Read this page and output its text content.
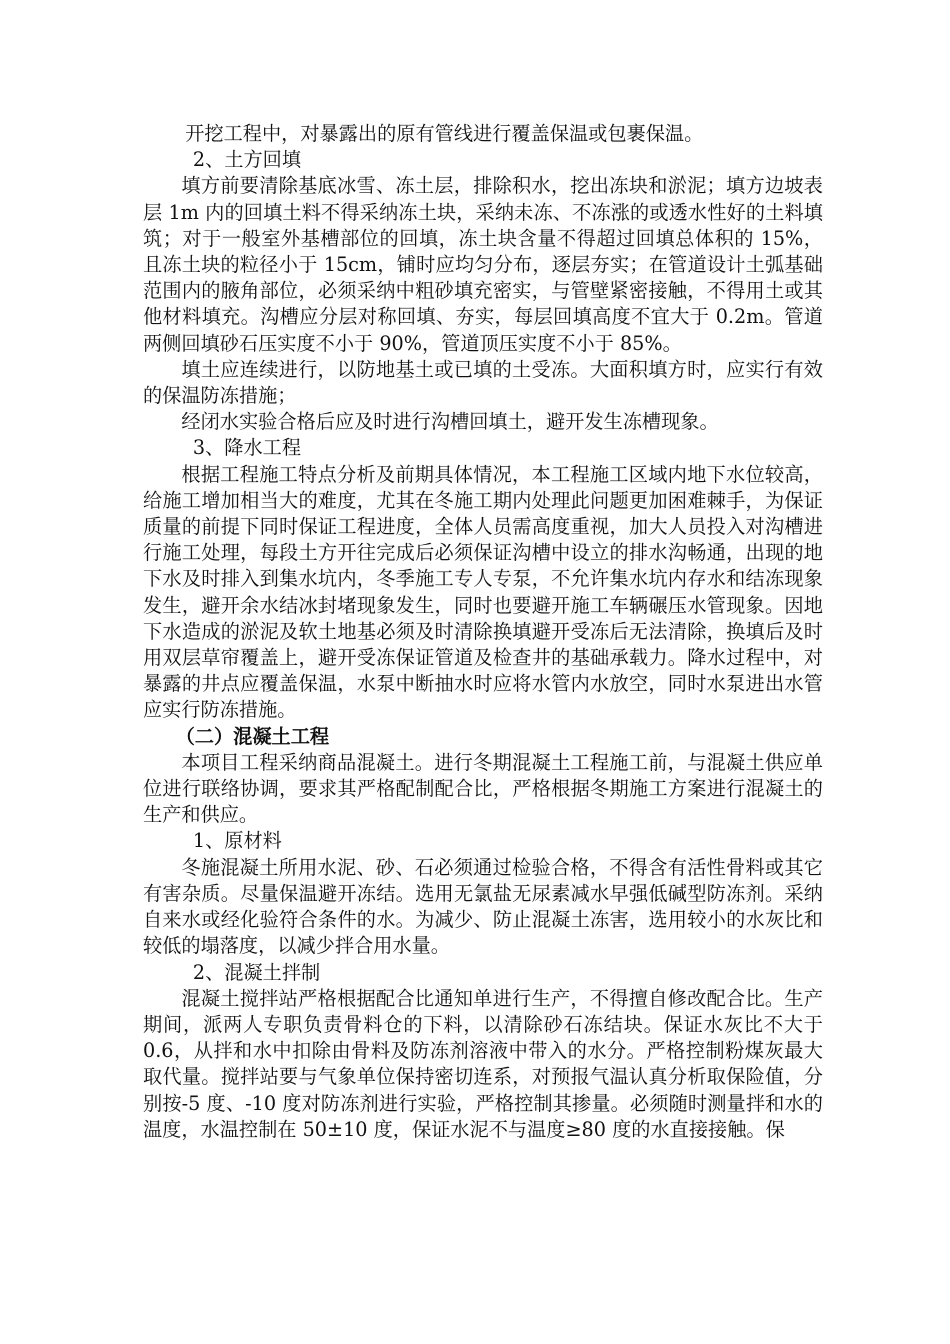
开挖工程中，对暴露出的原有管线进行覆盖保温或包裹保温。

2、土方回填

填方前要清除基底冰雪、冻土层，排除积水，挖出冻块和淤泥；填方边坡表层 1m 内的回填土料不得采纳冻土块，采纳未冻、不冻涨的或透水性好的土料填筑；对于一般室外基槽部位的回填，冻土块含量不得超过回填总体积的 15%，且冻土块的粒径小于 15cm，铺时应均匀分布，逐层夯实；在管道设计土弧基础范围内的腋角部位，必须采纳中粗砂填充密实，与管壁紧密接触，不得用土或其他材料填充。沟槽应分层对称回填、夯实，每层回填高度不宜大于 0.2m。管道两侧回填砂石压实度不小于 90%，管道顶压实度不小于 85%。

填土应连续进行，以防地基土或已填的土受冻。大面积填方时，应实行有效的保温防冻措施；

经闭水实验合格后应及时进行沟槽回填土，避开发生冻槽现象。

3、降水工程

根据工程施工特点分析及前期具体情况，本工程施工区域内地下水位较高，给施工增加相当大的难度，尤其在冬施工期内处理此问题更加困难棘手，为保证质量的前提下同时保证工程进度，全体人员需高度重视，加大人员投入对沟槽进行施工处理，每段土方开往完成后必须保证沟槽中设立的排水沟畅通，出现的地下水及时排入到集水坑内，冬季施工专人专泵，不允许集水坑内存水和结冻现象发生，避开余水结冰封堵现象发生，同时也要避开施工车辆碾压水管现象。因地下水造成的淤泥及软土地基必须及时清除换填避开受冻后无法清除，换填后及时用双层草帘覆盖上，避开受冻保证管道及检查井的基础承载力。降水过程中，对暴露的井点应覆盖保温，水泵中断抽水时应将水管内水放空，同时水泵进出水管应实行防冻措施。

（二）混凝土工程

本项目工程采纳商品混凝土。进行冬期混凝土工程施工前，与混凝土供应单位进行联络协调，要求其严格配制配合比，严格根据冬期施工方案进行混凝土的生产和供应。

1、原材料

冬施混凝土所用水泥、砂、石必须通过检验合格，不得含有活性骨料或其它有害杂质。尽量保温避开冻结。选用无氯盐无尿素减水早强低碱型防冻剂。采纳自来水或经化验符合条件的水。为减少、防止混凝土冻害，选用较小的水灰比和较低的塌落度，以减少拌合用水量。

2、混凝土拌制

混凝土搅拌站严格根据配合比通知单进行生产，不得擅自修改配合比。生产期间，派两人专职负责骨料仓的下料，以清除砂石冻结块。保证水灰比不大于 0.6，从拌和水中扣除由骨料及防冻剂溶液中带入的水分。严格控制粉煤灰最大取代量。搅拌站要与气象单位保持密切连系，对预报气温认真分析取保险值，分别按-5 度、-10 度对防冻剂进行实验，严格控制其掺量。必须随时测量拌和水的温度，水温控制在 50±10 度，保证水泥不与温度≥80 度的水直接接触。保
